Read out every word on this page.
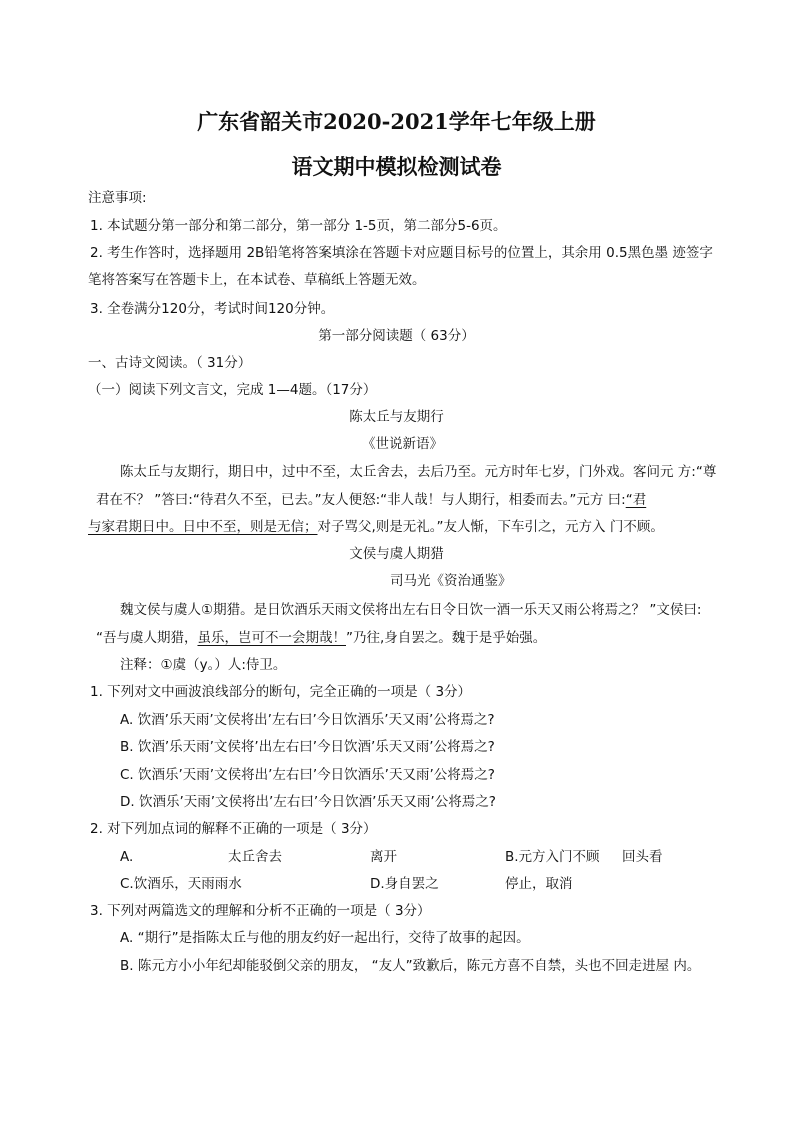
广东省韶关市2020-2021学年七年级上册
语文期中模拟检测试卷
注意事项:
1. 本试题分第一部分和第二部分，第一部分 1-5页，第二部分5-6页。
2. 考生作答时，选择题用 2B铅笔将答案填涂在答题卡对应题目标号的位置上，其余用 0.5黑色墨 迹签字
笔将答案写在答题卡上，在本试卷、草稿纸上答题无效。
3. 全卷满分120分，考试时间120分钟。
第一部分阅读题（ 63分）
一、古诗文阅读。（ 31分）
（一）阅读下列文言文，完成 1—4题。（17分）
陈太丘与友期行
《世说新语》
陈太丘与友期行，期日中，过中不至，太丘舍去，去后乃至。元方时年七岁，门外戏。客问元 方:“尊
君在不？ ”答曰:“待君久不至，已去。”友人便怒:“非人哉！与人期行，相委而去。”元方 曰:“君
与家君期日中。日中不至，则是无信；对子骂父,则是无礼。”友人惭，下车引之，元方入 门不顾。
文侯与虞人期猎
司马光《资治通鉴》
魏文侯与虞人①期猎。是日饮酒乐天雨文侯将出左右日令日饮一酒一乐天又雨公将焉之？ ”文侯曰:
“吾与虞人期猎，虽乐，岂可不一会期哉！”乃往,身自罢之。魏于是乎始强。
注释：①虞（y。）人:侍卫。
1. 下列对文中画波浪线部分的断句，完全正确的一项是（ 3分）
A. 饮酒’乐天雨’文侯将出’左右曰’今日饮酒乐’天又雨’公将焉之?
B. 饮酒’乐天雨’文侯将’出左右曰’今日饮酒’乐天又雨’公将焉之?
C. 饮酒乐’天雨’文侯将出’左右曰’今日饮酒乐’天又雨’公将焉之?
D. 饮酒乐’天雨’文侯将出’左右曰’今日饮酒’乐天又雨’公将焉之?
2. 对下列加点词的解释不正确的一项是（ 3分）
A.	太丘舍去	离开	B.元方入门不顾 回头看
C.饮酒乐，天雨雨水	D.身自罢之	停止，取消
3. 下列对两篇选文的理解和分析不正确的一项是（ 3分）
A. “期行”是指陈太丘与他的朋友约好一起出行，交待了故事的起因。
B. 陈元方小小年纪却能驳倒父亲的朋友， “友人”致歉后，陈元方喜不自禁，头也不回走进屋 内。
